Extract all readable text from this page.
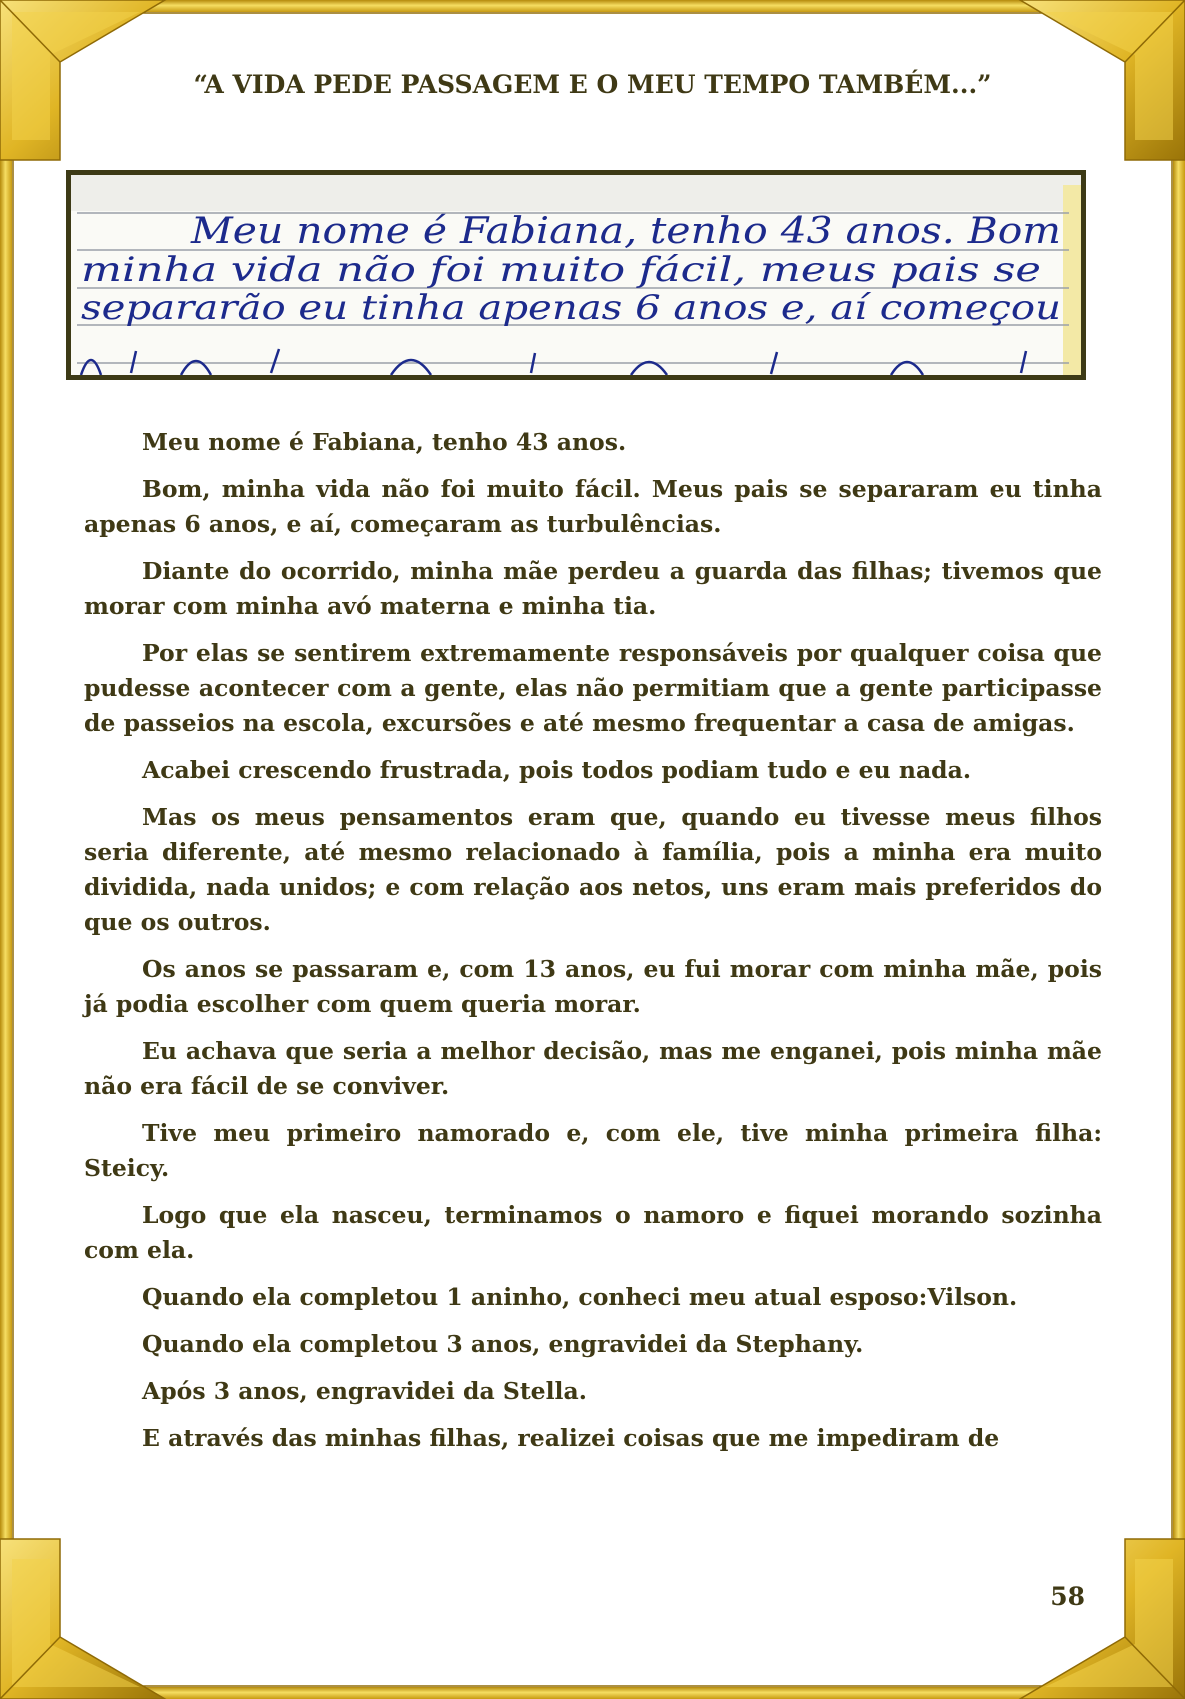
“A VIDA PEDE PASSAGEM E O MEU TEMPO TAMBÉM...”
Meu nome é Fabiana, tenho 43 anos. Bom
minha vida não foi muito fácil, meus pais se
separarão eu tinha apenas 6 anos e, aí começou

Meu nome é Fabiana, tenho 43 anos.

Bom, minha vida não foi muito fácil. Meus pais se separaram eu tinha apenas 6 anos, e aí, começaram as turbulências.

Diante do ocorrido, minha mãe perdeu a guarda das filhas; tivemos que morar com minha avó materna e minha tia.

Por elas se sentirem extremamente responsáveis por qualquer coisa que pudesse acontecer com a gente, elas não permitiam que a gente participasse de passeios na escola, excursões e até mesmo frequentar a casa de amigas.

Acabei crescendo frustrada, pois todos podiam tudo e eu nada.

Mas os meus pensamentos eram que, quando eu tivesse meus filhos seria diferente, até mesmo relacionado à família, pois a minha era muito dividida, nada unidos; e com relação aos netos, uns eram mais preferidos do que os outros.

Os anos se passaram e, com 13 anos, eu fui morar com minha mãe, pois já podia escolher com quem queria morar.

Eu achava que seria a melhor decisão, mas me enganei, pois minha mãe não era fácil de se conviver.

Tive meu primeiro namorado e, com ele, tive minha primeira filha: Steicy.

Logo que ela nasceu, terminamos o namoro e fiquei morando sozinha com ela.

Quando ela completou 1 aninho, conheci meu atual esposo:Vilson.

Quando ela completou 3 anos, engravidei da Stephany.

Após 3 anos, engravidei da Stella.

E através das minhas filhas, realizei coisas que me impediram de

58
